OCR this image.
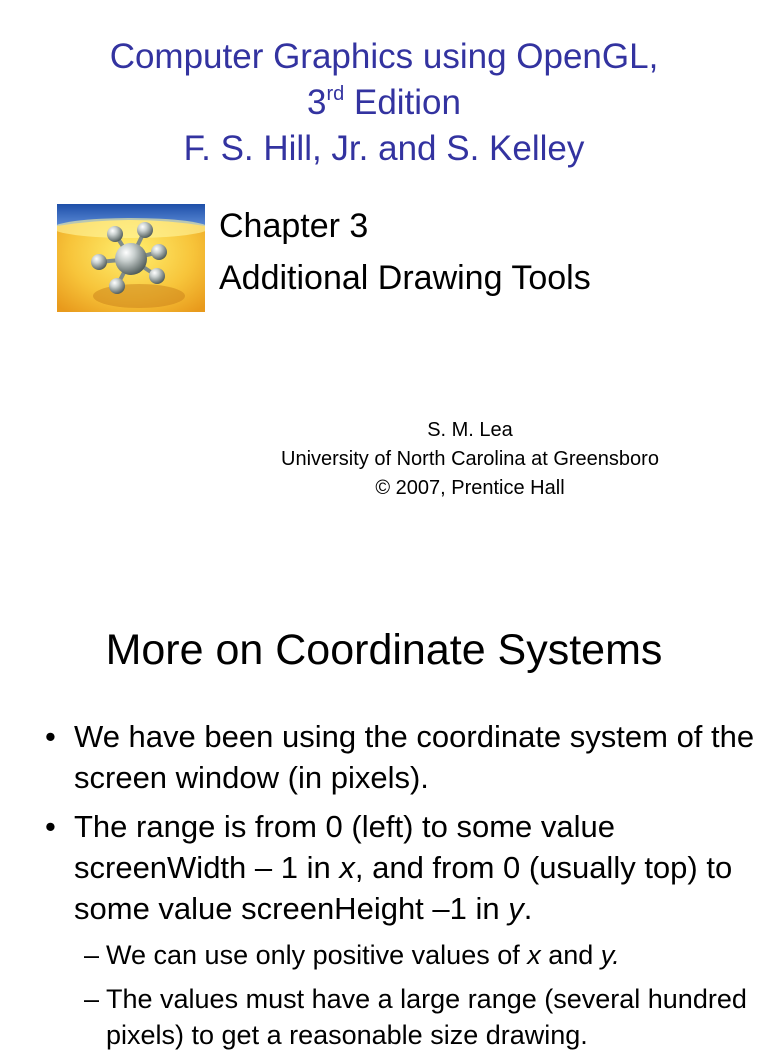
Computer Graphics using OpenGL,
3rd Edition
F. S. Hill, Jr. and S. Kelley
Chapter 3
Additional Drawing Tools
S. M. Lea
University of North Carolina at Greensboro
© 2007, Prentice Hall
More on Coordinate Systems
• We have been using the coordinate system of the screen window (in pixels).
• The range is from 0 (left) to some value screenWidth – 1 in x, and from 0 (usually top) to some value screenHeight –1 in y.
– We can use only positive values of x and y.
– The values must have a large range (several hundred pixels) to get a reasonable size drawing.
